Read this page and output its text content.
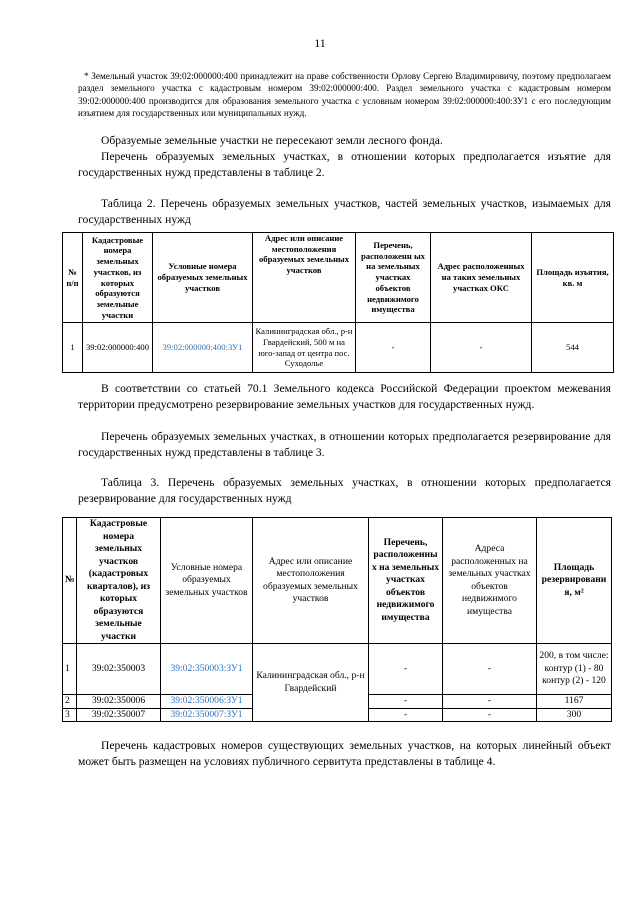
11
* Земельный участок 39:02:000000:400 принадлежит на праве собственности Орлову Сергею Владимировичу, поэтому предполагаем раздел земельного участка с кадастровым номером 39:02:000000:400. Раздел земельного участка с кадастровым номером 39:02:000000:400 производится для образования земельного участка с условным номером 39:02:000000:400:ЗУ1 с его последующим изъятием для государственных или муниципальных нужд.
Образуемые земельные участки не пересекают земли лесного фонда.
Перечень образуемых земельных участках, в отношении которых предполагается изъятие для государственных нужд представлены в таблице 2.
Таблица 2. Перечень образуемых земельных участков, частей земельных участков, изымаемых для государственных нужд
№ п/п	Кадастровые номера земельных участков, из которых образуются земельные участки	Условные номера образуемых земельных участков	Адрес или описание местоположения образуемых земельных участков	Перечень, расположенн ых на земельных участках объектов недвижимого имущества	Адрес расположенных на таких земельных участках ОКС	Площадь изъятия, кв. м
1	39:02:000000:400	39:02:000000:400:ЗУ1	Калининградская обл., р-н Гвардейский, 500 м на юго-запад от центра пос. Суходолье	-	-	544
В соответствии со статьей 70.1 Земельного кодекса Российской Федерации проектом межевания территории предусмотрено резервирование земельных участков для государственных нужд.
Перечень образуемых земельных участках, в отношении которых предполагается резервирование для государственных нужд представлены в таблице 3.
Таблица 3. Перечень образуемых земельных участках, в отношении которых предполагается резервирование для государственных нужд
№	Кадастровые номера земельных участков (кадастровых кварталов), из которых образуются земельные участки	Условные номера образуемых земельных участков	Адрес или описание местоположения образуемых земельных участков	Перечень, расположенны х на земельных участках объектов недвижимого имущества	Адреса расположенных на земельных участках объектов недвижимого имущества	Площадь резервировани я, м²
1	39:02:350003	39:02:350003:ЗУ1	Калининградская обл., р-н Гвардейский	-	-	200, в том числе: контур (1) - 80 контур (2) - 120
2	39:02:350006	39:02:350006:ЗУ1		-	-	1167
3	39:02:350007	39:02:350007:ЗУ1		-	-	300
Перечень кадастровых номеров существующих земельных участков, на которых линейный объект может быть размещен на условиях публичного сервитута представлены в таблице 4.
